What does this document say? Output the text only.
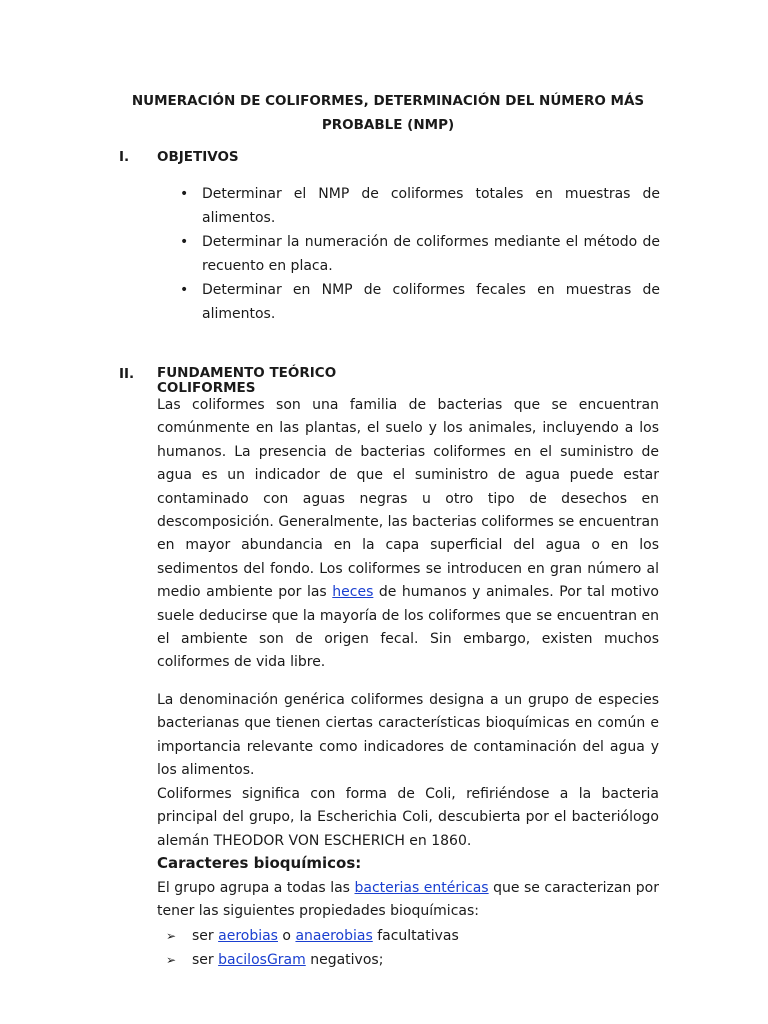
NUMERACIÓN DE COLIFORMES, DETERMINACIÓN DEL NÚMERO MÁS
PROBABLE (NMP)
I. OBJETIVOS
• Determinar el NMP de coliformes totales en muestras de alimentos.
• Determinar la numeración de coliformes mediante el método de recuento en placa.
• Determinar en NMP de coliformes fecales en muestras de alimentos.
II. FUNDAMENTO TEÓRICO
COLIFORMES

Las coliformes son una familia de bacterias que se encuentran comúnmente en las plantas, el suelo y los animales, incluyendo a los humanos. La presencia de bacterias coliformes en el suministro de agua es un indicador de que el suministro de agua puede estar contaminado con aguas negras u otro tipo de desechos en descomposición. Generalmente, las bacterias coliformes se encuentran en mayor abundancia en la capa superficial del agua o en los sedimentos del fondo. Los coliformes se introducen en gran número al medio ambiente por las heces de humanos y animales. Por tal motivo suele deducirse que la mayoría de los coliformes que se encuentran en el ambiente son de origen fecal. Sin embargo, existen muchos coliformes de vida libre.

La denominación genérica coliformes designa a un grupo de especies bacterianas que tienen ciertas características bioquímicas en común e importancia relevante como indicadores de contaminación del agua y los alimentos.

Coliformes significa con forma de Coli, refiriéndose a la bacteria principal del grupo, la Escherichia Coli, descubierta por el bacteriólogo alemán THEODOR VON ESCHERICH en 1860.

Caracteres bioquímicos:

El grupo agrupa a todas las bacterias entéricas que se caracterizan por tener las siguientes propiedades bioquímicas:

➢ ser aerobias o anaerobias facultativas
➢ ser bacilosGram negativos;
